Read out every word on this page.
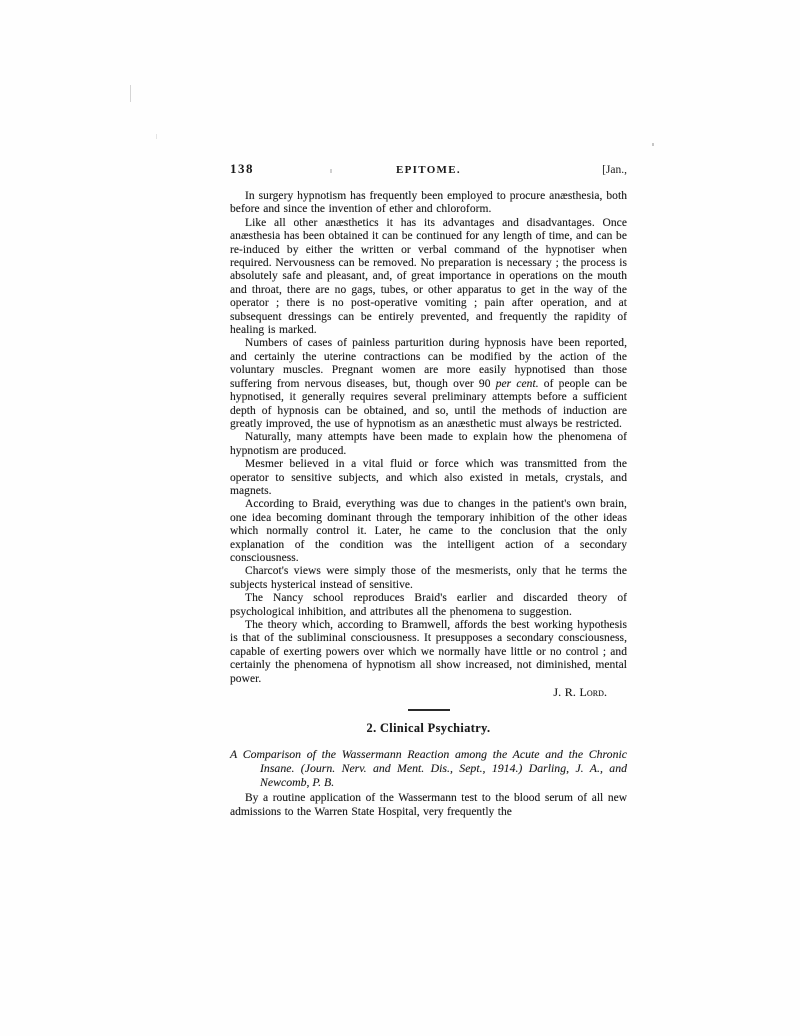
138	EPITOME.	[Jan.,

In surgery hypnotism has frequently been employed to procure anæsthesia, both before and since the invention of ether and chloroform.

Like all other anæsthetics it has its advantages and disadvantages. Once anæsthesia has been obtained it can be continued for any length of time, and can be re-induced by either the written or verbal command of the hypnotiser when required. Nervousness can be removed. No preparation is necessary ; the process is absolutely safe and pleasant, and, of great importance in operations on the mouth and throat, there are no gags, tubes, or other apparatus to get in the way of the operator ; there is no post-operative vomiting ; pain after operation, and at subsequent dressings can be entirely prevented, and frequently the rapidity of healing is marked.

Numbers of cases of painless parturition during hypnosis have been reported, and certainly the uterine contractions can be modified by the action of the voluntary muscles. Pregnant women are more easily hypnotised than those suffering from nervous diseases, but, though over 90 per cent. of people can be hypnotised, it generally requires several preliminary attempts before a sufficient depth of hypnosis can be obtained, and so, until the methods of induction are greatly improved, the use of hypnotism as an anæsthetic must always be restricted.

Naturally, many attempts have been made to explain how the phenomena of hypnotism are produced.

Mesmer believed in a vital fluid or force which was transmitted from the operator to sensitive subjects, and which also existed in metals, crystals, and magnets.

According to Braid, everything was due to changes in the patient's own brain, one idea becoming dominant through the temporary inhibition of the other ideas which normally control it. Later, he came to the conclusion that the only explanation of the condition was the intelligent action of a secondary consciousness.

Charcot's views were simply those of the mesmerists, only that he terms the subjects hysterical instead of sensitive.

The Nancy school reproduces Braid's earlier and discarded theory of psychological inhibition, and attributes all the phenomena to suggestion.

The theory which, according to Bramwell, affords the best working hypothesis is that of the subliminal consciousness. It presupposes a secondary consciousness, capable of exerting powers over which we normally have little or no control ; and certainly the phenomena of hypnotism all show increased, not diminished, mental power.

J. R. Lord.

2. Clinical Psychiatry.

A Comparison of the Wassermann Reaction among the Acute and the Chronic Insane. (Journ. Nerv. and Ment. Dis., Sept., 1914.) Darling, J. A., and Newcomb, P. B.

By a routine application of the Wassermann test to the blood serum of all new admissions to the Warren State Hospital, very frequently the
